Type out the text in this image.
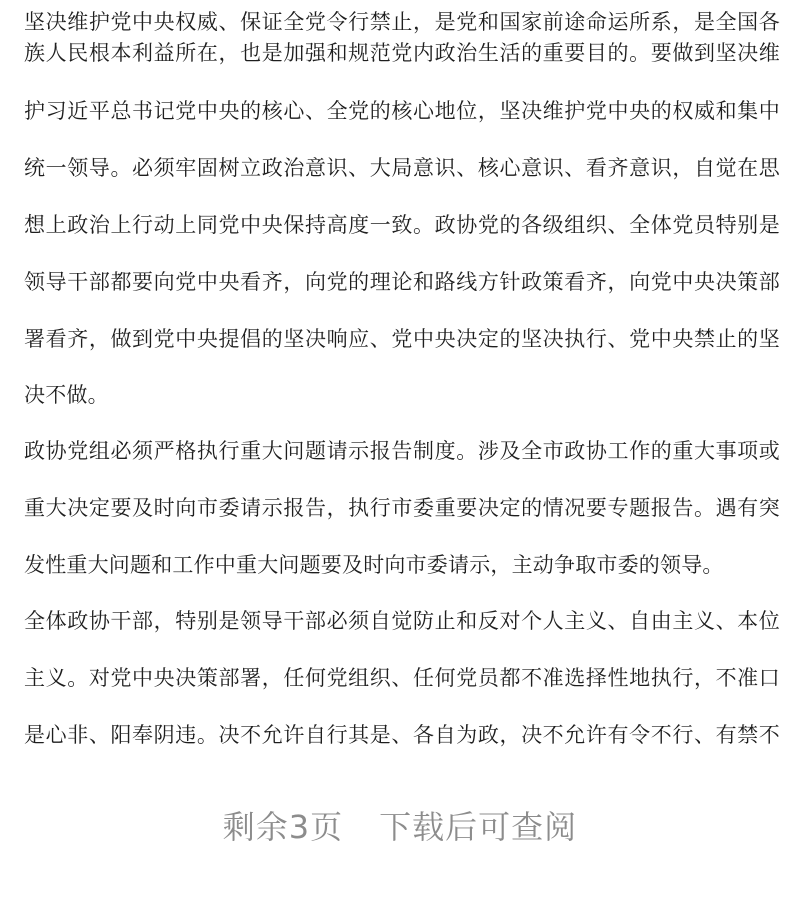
坚决维护党中央权威、保证全党令行禁止，是党和国家前途命运所系，是全国各
族人民根本利益所在，也是加强和规范党内政治生活的重要目的。要做到坚决维
护习近平总书记党中央的核心、全党的核心地位，坚决维护党中央的权威和集中
统一领导。必须牢固树立政治意识、大局意识、核心意识、看齐意识，自觉在思
想上政治上行动上同党中央保持高度一致。政协党的各级组织、全体党员特别是
领导干部都要向党中央看齐，向党的理论和路线方针政策看齐，向党中央决策部
署看齐，做到党中央提倡的坚决响应、党中央决定的坚决执行、党中央禁止的坚
决不做。
政协党组必须严格执行重大问题请示报告制度。涉及全市政协工作的重大事项或
重大决定要及时向市委请示报告，执行市委重要决定的情况要专题报告。遇有突
发性重大问题和工作中重大问题要及时向市委请示，主动争取市委的领导。
全体政协干部，特别是领导干部必须自觉防止和反对个人主义、自由主义、本位
主义。对党中央决策部署，任何党组织、任何党员都不准选择性地执行，不准口
是心非、阳奉阴违。决不允许自行其是、各自为政，决不允许有令不行、有禁不
剩余3页 下载后可查阅
